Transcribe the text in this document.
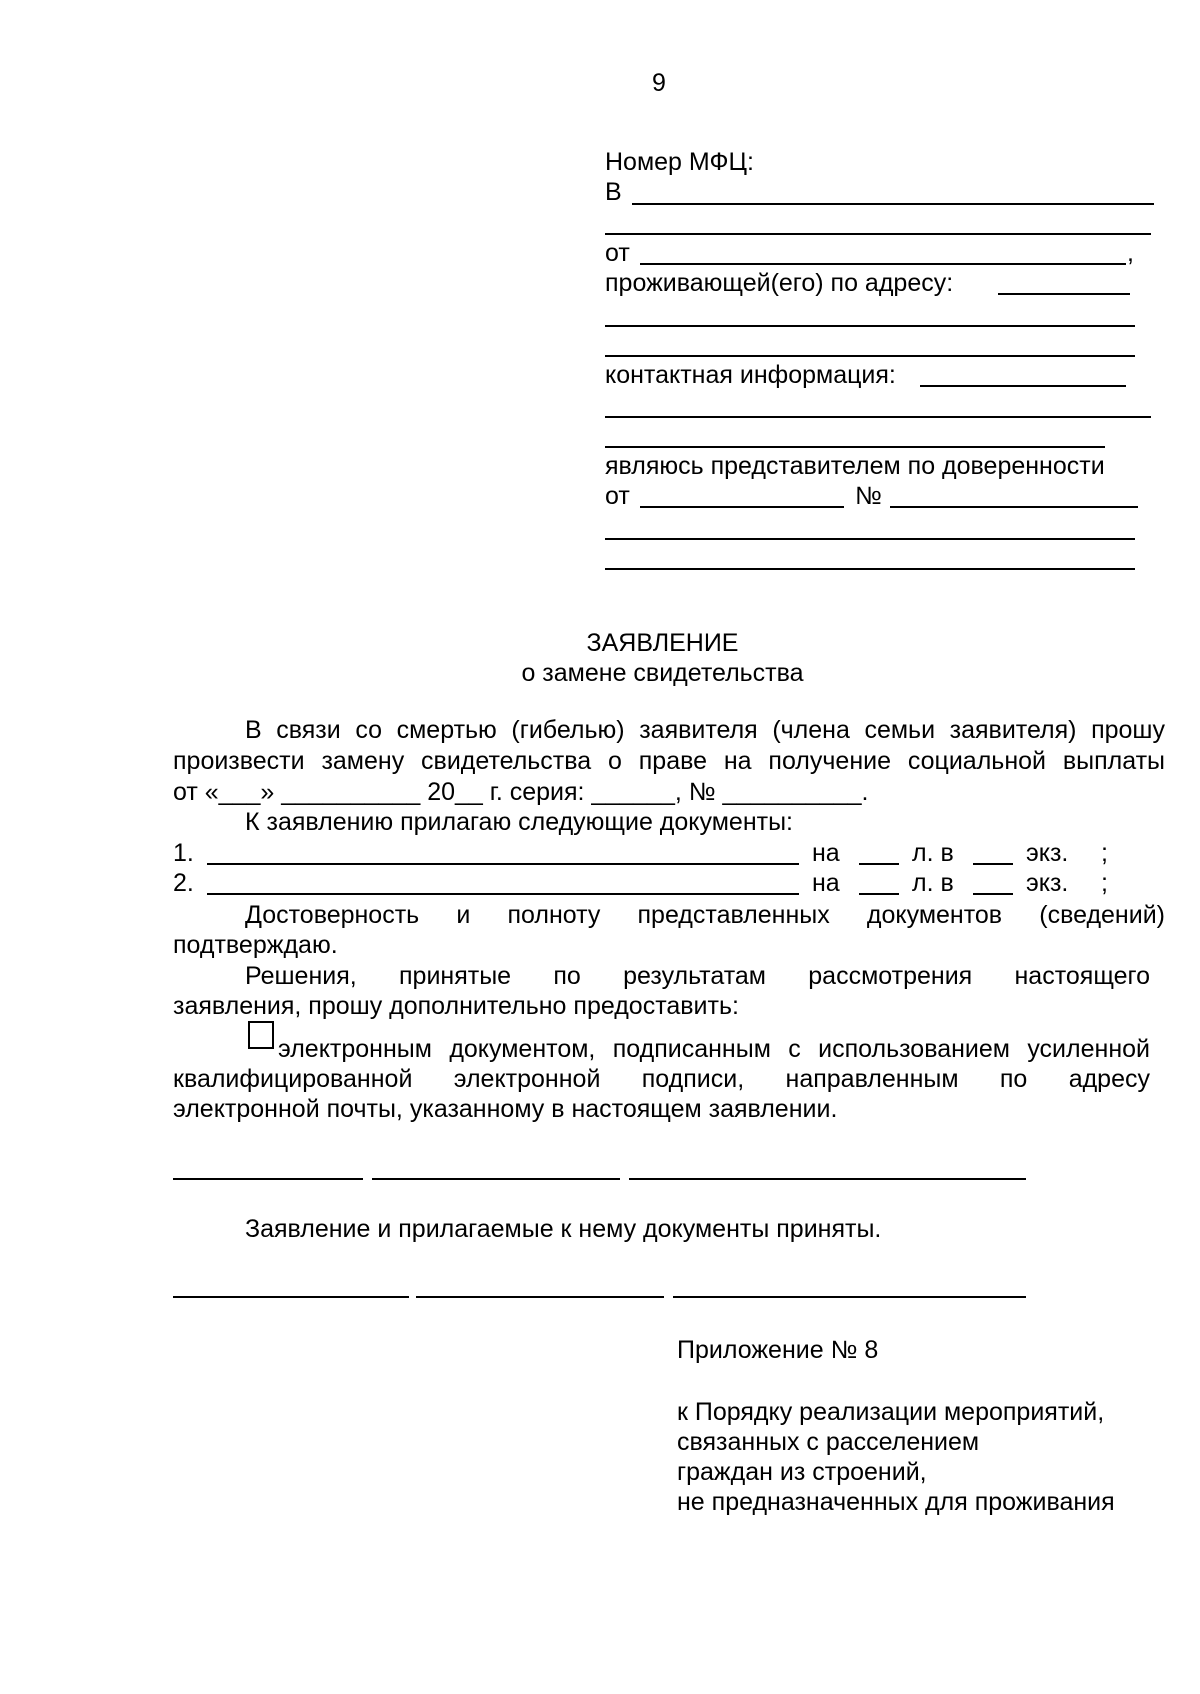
9
Номер МФЦ:
В
от	,
проживающей(его) по адресу:
контактная информация:
являюсь представителем по доверенности
от	№
ЗАЯВЛЕНИЕ
о замене свидетельства
В связи со смертью (гибелью) заявителя (члена семьи заявителя) прошу
произвести замену свидетельства о праве на получение социальной выплаты
от «___» __________ 20__ г. серия: ______, № __________.
К заявлению прилагаю следующие документы:
1.	на	л. в	экз. ;
2.	на	л. в	экз. ;
Достоверность и полноту представленных документов (сведений)
подтверждаю.
Решения, принятые по результатам рассмотрения настоящего
заявления, прошу дополнительно предоставить:
электронным документом, подписанным с использованием усиленной
квалифицированной электронной подписи, направленным по адресу
электронной почты, указанному в настоящем заявлении.
Заявление и прилагаемые к нему документы приняты.
Приложение № 8
к Порядку реализации мероприятий,
связанных с расселением
граждан из строений,
не предназначенных для проживания
